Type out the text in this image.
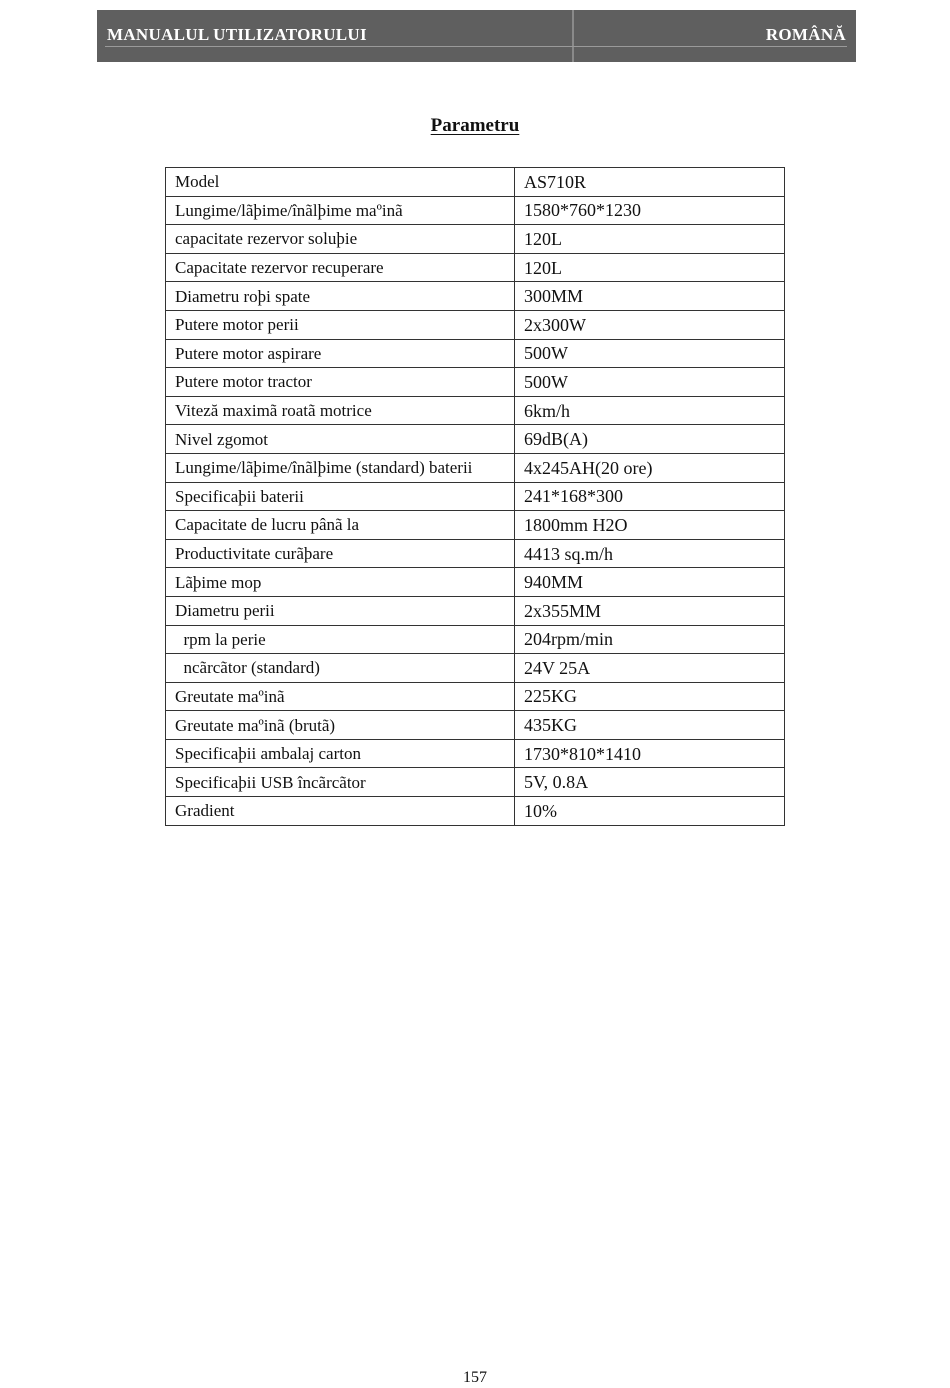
MANUALUL UTILIZATORULUI	ROMÂNĂ
Parametru
Model	AS710R
Lungime/lãþime/înãlþime maºinã	1580*760*1230
capacitate rezervor soluþie	120L
Capacitate rezervor recuperare	120L
Diametru roþi spate	300MM
Putere motor perii	2x300W
Putere motor aspirare	500W
Putere motor tractor	500W
Viteză maximã roatã motrice	6km/h
Nivel zgomot	69dB(A)
Lungime/lãþime/înãlþime (standard) baterii	4x245AH(20 ore)
Specificaþii baterii	241*168*300
Capacitate de lucru pânã la	1800mm H2O
Productivitate curãþare	4413 sq.m/h
Lãþime mop	940MM
Diametru perii	2x355MM
rpm la perie	204rpm/min
ncãrcãtor (standard)	24V 25A
Greutate maºinã	225KG
Greutate maºinã (brutã)	435KG
Specificaþii ambalaj carton	1730*810*1410
Specificaþii USB încãrcãtor	5V, 0.8A
Gradient	10%
157
